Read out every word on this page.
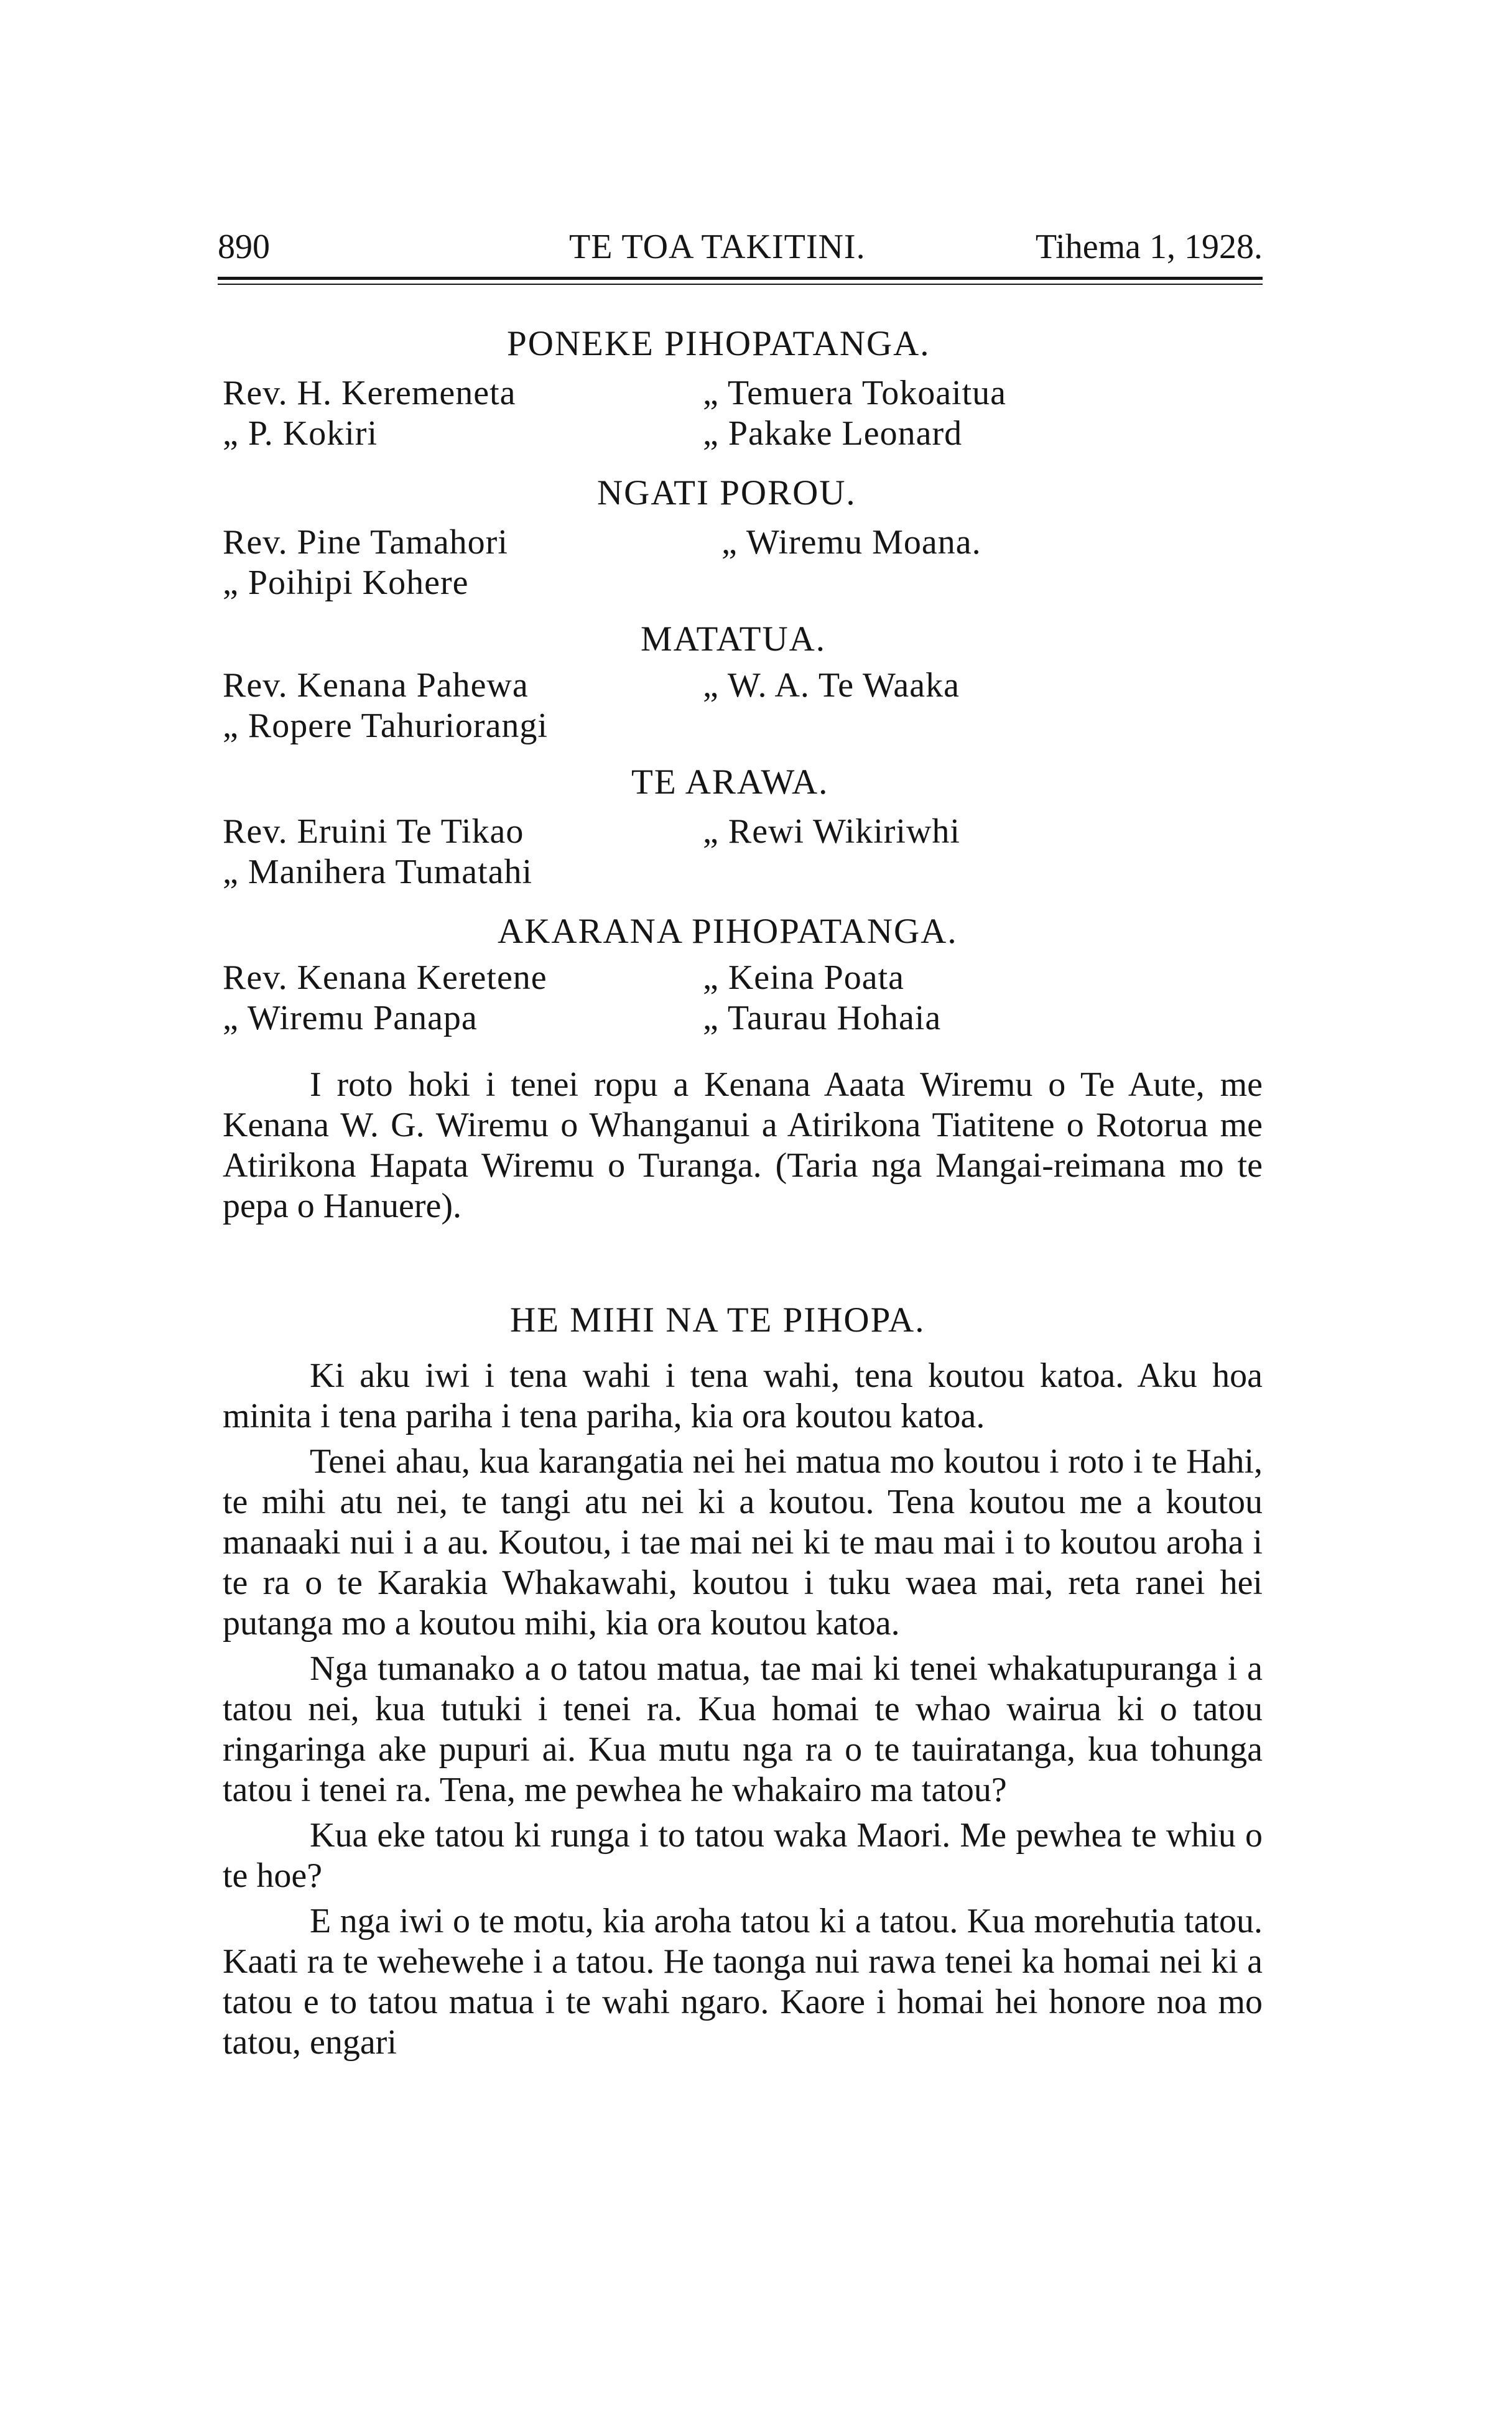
890	TE TOA TAKITINI.	Tihema 1, 1928.
PONEKE PIHOPATANGA.
Rev. H. Keremeneta	„ Temuera Tokoaitua
„ P. Kokiri	„ Pakake Leonard
NGATI POROU.
Rev. Pine Tamahori	„ Wiremu Moana.
„ Poihipi Kohere
MATATUA.
Rev. Kenana Pahewa	„ W. A. Te Waaka
„ Ropere Tahuriorangi
TE ARAWA.
Rev. Eruini Te Tikao	„ Rewi Wikiriwhi
„ Manihera Tumatahi
AKARANA PIHOPATANGA.
Rev. Kenana Keretene	„ Keina Poata
„ Wiremu Panapa	„ Taurau Hohaia

I roto hoki i tenei ropu a Kenana Aaata Wiremu o Te Aute, me Kenana W. G. Wiremu o Whanganui a Atirikona Tiatitene o Rotorua me Atirikona Hapata Wiremu o Turanga. (Taria nga Mangai-reimana mo te pepa o Hanuere).

HE MIHI NA TE PIHOPA.

Ki aku iwi i tena wahi i tena wahi, tena koutou katoa. Aku hoa minita i tena pariha i tena pariha, kia ora koutou katoa.

Tenei ahau, kua karangatia nei hei matua mo koutou i roto i te Hahi, te mihi atu nei, te tangi atu nei ki a koutou. Tena koutou me a koutou manaaki nui i a au. Koutou, i tae mai nei ki te mau mai i to koutou aroha i te ra o te Karakia Whakawahi, koutou i tuku waea mai, reta ranei hei putanga mo a koutou mihi, kia ora koutou katoa.

Nga tumanako a o tatou matua, tae mai ki tenei whakatupuranga i a tatou nei, kua tutuki i tenei ra. Kua homai te whao wairua ki o tatou ringaringa ake pupuri ai. Kua mutu nga ra o te tauiratanga, kua tohunga tatou i tenei ra. Tena, me pewhea he whakairo ma tatou?

Kua eke tatou ki runga i to tatou waka Maori. Me pewhea te whiu o te hoe?

E nga iwi o te motu, kia aroha tatou ki a tatou. Kua morehutia tatou. Kaati ra te wehewehe i a tatou. He taonga nui rawa tenei ka homai nei ki a tatou e to tatou matua i te wahi ngaro. Kaore i homai hei honore noa mo tatou, engari
